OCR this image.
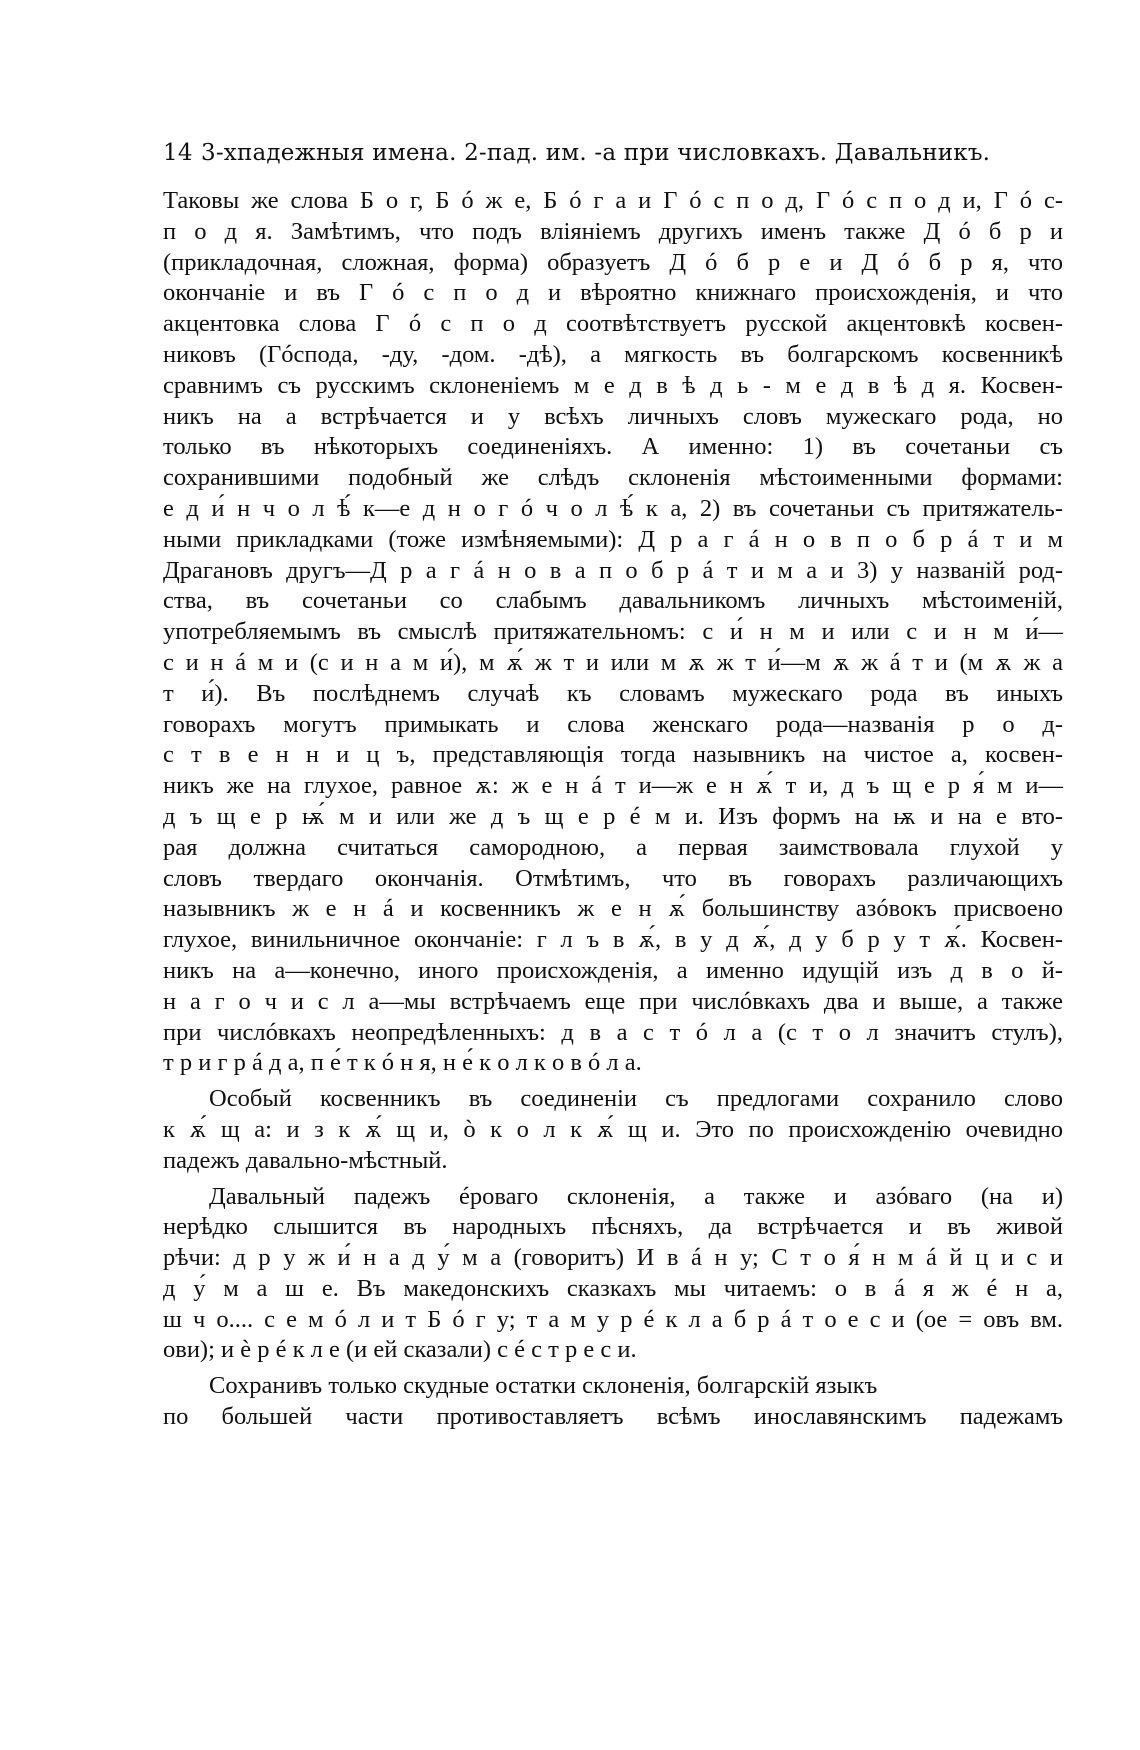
14 3-хпадежныя имена. 2-пад. им. -а при числовкахъ. Давальникъ.
Таковы же слова Б о г, Б ó ж е, Б ó г а и Г ó с п о д, Г ó с п о д и, Г ó с-
п о д я. Замѣтимъ, что подъ вліяніемъ другихъ именъ также Д ó б р и
(прикладочная, сложная, форма) образуетъ Д ó б р е и Д ó б р я, что
окончаніе и въ Г ó с п о д и вѣроятно книжнаго происхожденія, и что
акцентовка слова Г ó с п о д соотвѣтствуетъ русской акцентовкѣ косвен-
никовъ (Гóспода, -ду, -дом. -дѣ), а мягкость въ болгарскомъ косвенникѣ
сравнимъ съ русскимъ склоненіемъ м е д в ѣ д ь - м е д в ѣ д я. Косвен-
никъ на а встрѣчается и у всѣхъ личныхъ словъ мужескаго рода, но
только въ нѣкоторыхъ соединеніяхъ. А именно: 1) въ сочетаньи съ
сохранившими подобный же слѣдъ склоненія мѣстоименными формами:
е д и́ н ч о л ѣ́ к—е д н о г ó ч о л ѣ́ к а, 2) въ сочетаньи съ притяжатель-
ными прикладками (тоже измѣняемыми): Д р а г á н о в п о б р á т и м
Драгановъ другъ—Д р а г á н о в а п о б р á т и м а и 3) у названій род-
ства, въ сочетаньи со слабымъ давальникомъ личныхъ мѣстоименій,
употребляемымъ въ смыслѣ притяжательномъ: с и́ н м и или с и н м и́—
с и н á м и (с и н а м и́), м ѫ́ ж т и или м ѫ ж т и́—м ѫ ж á т и (м ѫ ж а
т и́). Въ послѣднемъ случаѣ къ словамъ мужескаго рода въ иныхъ
говорахъ могутъ примыкать и слова женскаго рода—названія р о д-
с т в е н н и ц ъ, представляющія тогда назывникъ на чистое а, косвен-
никъ же на глухое, равное ѫ: ж е н á т и—ж е н ѫ́ т и, д ъ щ е р я́ м и—
д ъ щ е р ѭ́ м и или же д ъ щ е р é м и. Изъ формъ на ѭ и на е вто-
рая должна считаться самородною, а первая заимствовала глухой у
словъ твердаго окончанія. Отмѣтимъ, что въ говорахъ различающихъ
назывникъ ж е н á и косвенникъ ж е н ѫ́ большинству азóвокъ присвоено
глухое, винильничное окончаніе: г л ъ в ѫ́, в у д ѫ́, д у б р у т ѫ́. Косвен-
никъ на а—конечно, иного происхожденія, а именно идущій изъ д в о й-
н а г о ч и с л а—мы встрѣчаемъ еще при числóвкахъ два и выше, а также
при числóвкахъ неопредѣленныхъ: д в а с т ó л а (с т о л значитъ стулъ),
т р и г р á д а, п е́ т к ó н я, н е́ к о л к о в ó л а.
Особый косвенникъ въ соединеніи съ предлогами сохранило слово
к ѫ́ щ а: и з к ѫ́ щ и, ò к о л к ѫ́ щ и. Это по происхожденію очевидно
падежъ давально-мѣстный.
Давальный падежъ éроваго склоненія, а также и азóваго (на и)
нерѣдко слышится въ народныхъ пѣсняхъ, да встрѣчается и въ живой
рѣчи: д р у ж и́ н а д у́ м а (говоритъ) И в á н у; С т о я́ н м á й ц и с и
д у́ м а ш е. Въ македонскихъ сказкахъ мы читаемъ: о в á я ж é н а,
ш ч о.... с е м ó л и т Б ó г у; т а м у р é к л а б р á т о е с и (ое = овъ вм.
ови); и ѐ р é к л е (и ей сказали) с é с т р е с и.
Сохранивъ только скудные остатки склоненія, болгарскій языкъ
по большей части противоставляетъ всѣмъ инославянскимъ падежамъ
